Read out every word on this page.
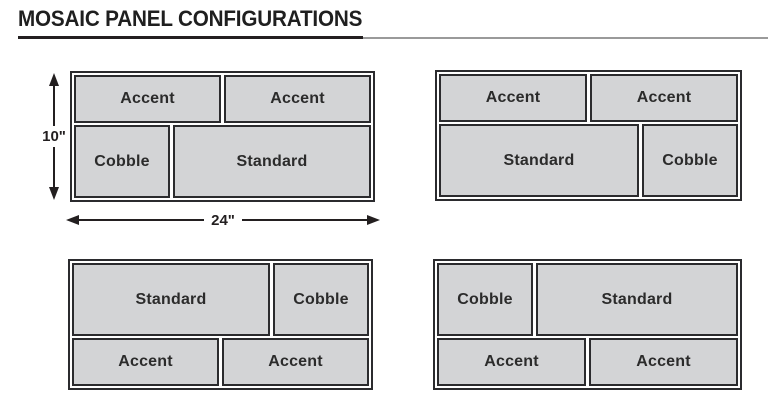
MOSAIC PANEL CONFIGURATIONS
10"
24"
Accent	Accent
Cobble	Standard
Accent	Accent
Standard	Cobble
Standard	Cobble
Accent	Accent
Cobble	Standard
Accent	Accent
